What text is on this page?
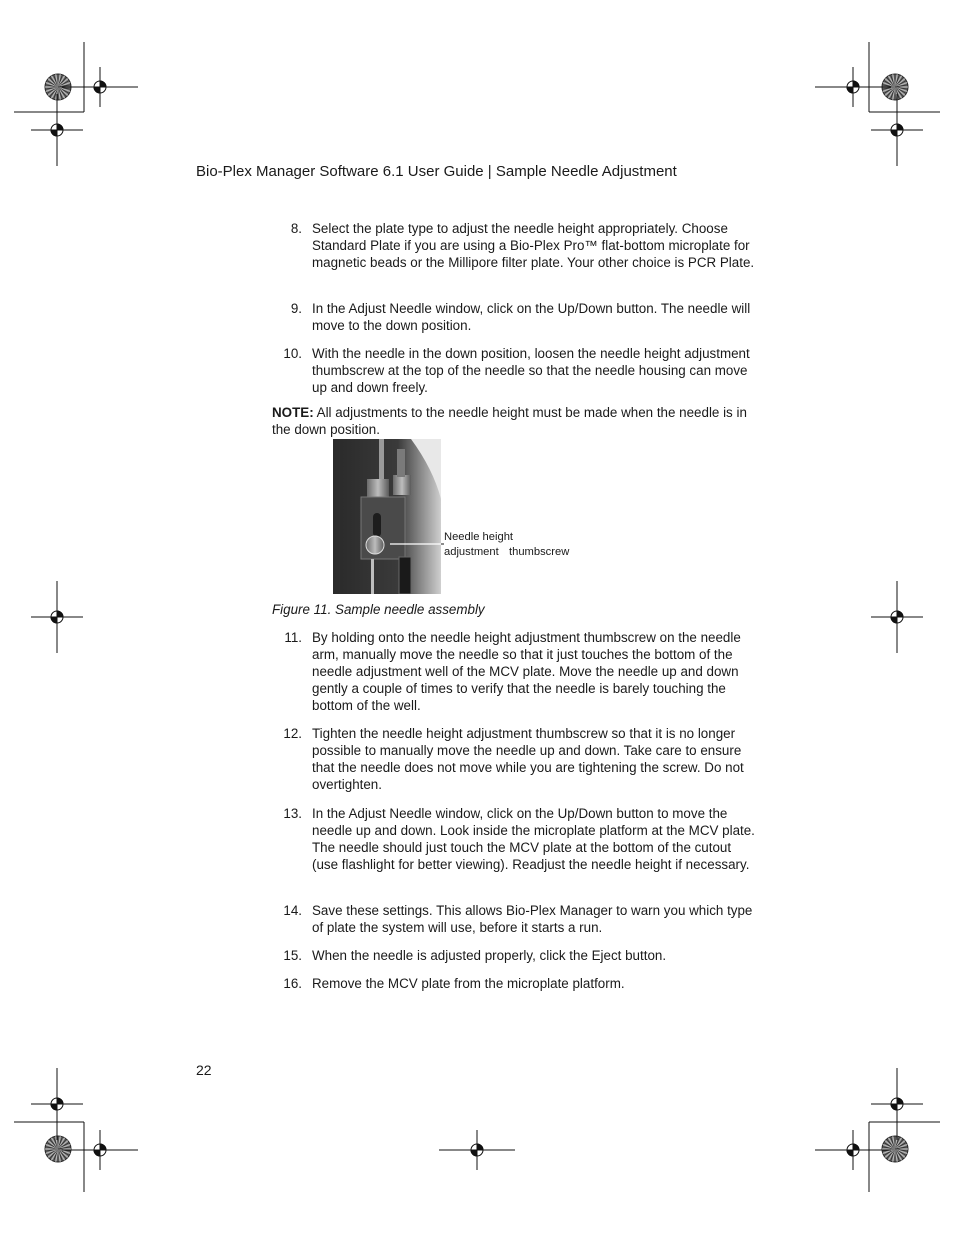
Bio-Plex Manager Software 6.1 User Guide | Sample Needle Adjustment
8. Select the plate type to adjust the needle height appropriately. Choose Standard Plate if you are using a Bio-Plex Pro™ flat-bottom microplate for magnetic beads or the Millipore filter plate. Your other choice is PCR Plate.
9. In the Adjust Needle window, click on the Up/Down button. The needle will move to the down position.
10. With the needle in the down position, loosen the needle height adjustment thumbscrew at the top of the needle so that the needle housing can move up and down freely.
NOTE: All adjustments to the needle height must be made when the needle is in the down position.
Needle height
adjustment thumbscrew
Figure 11. Sample needle assembly
11. By holding onto the needle height adjustment thumbscrew on the needle arm, manually move the needle so that it just touches the bottom of the needle adjustment well of the MCV plate. Move the needle up and down gently a couple of times to verify that the needle is barely touching the bottom of the well.
12. Tighten the needle height adjustment thumbscrew so that it is no longer possible to manually move the needle up and down. Take care to ensure that the needle does not move while you are tightening the screw. Do not overtighten.
13. In the Adjust Needle window, click on the Up/Down button to move the needle up and down. Look inside the microplate platform at the MCV plate. The needle should just touch the MCV plate at the bottom of the cutout (use flashlight for better viewing). Readjust the needle height if necessary.
14. Save these settings. This allows Bio-Plex Manager to warn you which type of plate the system will use, before it starts a run.
15. When the needle is adjusted properly, click the Eject button.
16. Remove the MCV plate from the microplate platform.
22
